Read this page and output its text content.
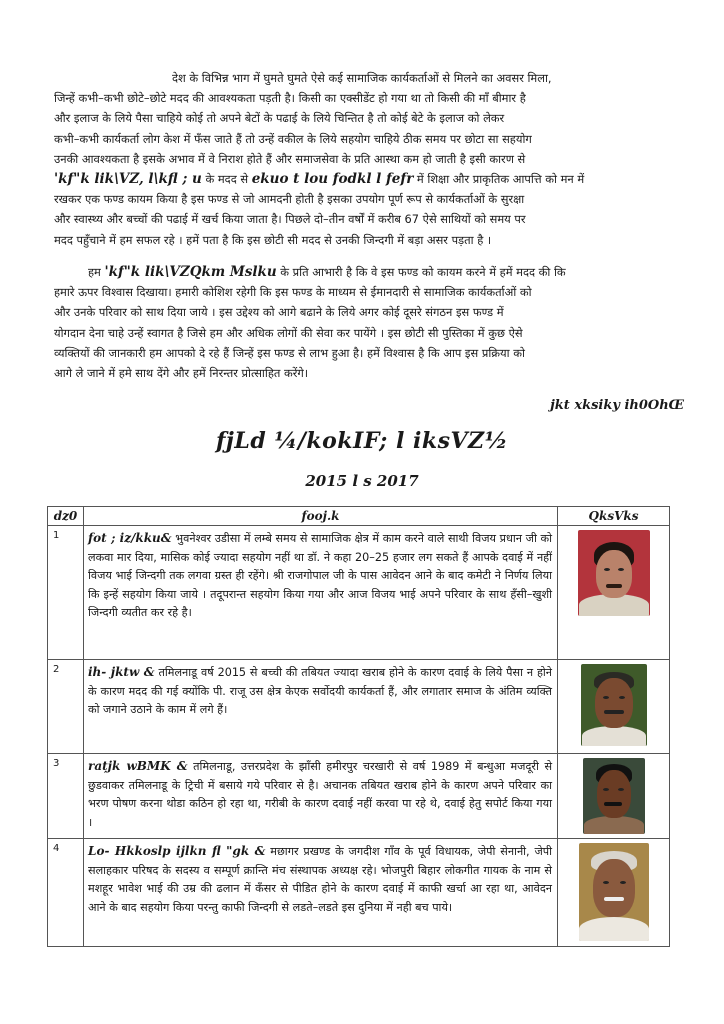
देश के विभिन्न भाग में घुमते घुमते ऐसे कई सामाजिक कार्यकर्ताओं से मिलने का अवसर मिला,
जिन्हें कभी–कभी छोटे–छोटे मदद की आवश्यकता पड़ती है। किसी का एक्सीडेंट हो गया था तो किसी की माँ बीमार है
और इलाज के लिये पैसा चाहिये कोई तो अपने बेटों के पढाई के लिये चिन्तित है तो कोई बेटे के इलाज को लेकर
कभी–कभी कार्यकर्ता लोग केश में फँस जाते हैं तो उन्हें वकील के लिये सहयोग चाहिये ठीक समय पर छोटा सा सहयोग
उनकी आवश्यकता है इसके अभाव में वे निराश होते हैं और समाजसेवा के प्रति आस्था कम हो जाती है इसी कारण से
'kf"k lik\VZ, l\kfl ; u के मदद से ekuo t lou fodkl l fefr में शिक्षा और प्राकृतिक आपत्ति को मन में
रखकर एक फण्ड कायम किया है इस फण्ड से जो आमदनी होती है इसका उपयोग पूर्ण रूप से कार्यकर्ताओं के सुरक्षा
और स्वास्थ्य और बच्चों की पढाई में खर्च किया जाता है। पिछले दो–तीन वर्षों में करीब 67 ऐसे साथियों को समय पर
मदद पहुँचाने में हम सफल रहे । हमें पता है कि इस छोटी सी मदद से उनकी जिन्दगी में बड़ा असर पड़ता है ।
हम 'kf"k lik\VZQkm Mslku के प्रति आभारी है कि वे इस फण्ड को कायम करने में हमें मदद की कि
हमारे ऊपर विश्वास दिखाया। हमारी कोशिश रहेगी कि इस फण्ड के माध्यम से ईमानदारी से सामाजिक कार्यकर्ताओं को
और उनके परिवार को साथ दिया जाये । इस उद्देश्य को आगे बढाने के लिये अगर कोई दूसरे संगठन इस फण्ड में
योगदान देना चाहे उन्हें स्वागत है जिसे हम और अधिक लोगों की सेवा कर पायेंगे । इस छोटी सी पुस्तिका में कुछ ऐसे
व्यक्तियों की जानकारी हम आपको दे रहे हैं जिन्हें इस फण्ड से लाभ हुआ है। हमें विश्वास है कि आप इस प्रक्रिया को
आगे ले जाने में हमे साथ देंगे और हमें निरन्तर प्रोत्साहित करेंगे।
jkt xksiky ih0OhŒ
fjLd ¼/kokIF; l iksVZ½
2015 l s 2017
dz0	fooj.k	QksVks
1	fot ; iz/kku& भुवनेश्वर उडीसा में लम्बे समय से सामाजिक क्षेत्र में काम करने वाले साथी विजय प्रधान जी को लकवा मार दिया, मासिक कोई ज्यादा सहयोग नहीं था डॉ. ने कहा 20–25 हजार लग सकते हैं आपके दवाई में नहीं विजय भाई जिन्दगी तक लगवा ग्रस्त ही रहेंगे। श्री राजगोपाल जी के पास आवेदन आने के बाद कमेटी ने निर्णय लिया कि इन्हें सहयोग किया जाये । तदूपरान्त सहयोग किया गया और आज विजय भाई अपने परिवार के साथ हँसी–खुशी जिन्दगी व्यतीत कर रहे है।	

2	ih- jktw & तमिलनाडू वर्ष 2015 से बच्ची की तबियत ज्यादा खराब होने के कारण दवाई के लिये पैसा न होने के कारण मदद की गई क्योंकि पी. राजू उस क्षेत्र केएक सर्वोदयी कार्यकर्ता हैं, और लगातार समाज के अंतिम व्यक्ति को जगाने उठाने के काम में लगे हैं।	

3	rațjk wBMK & तमिलनाडू, उत्तरप्रदेश के झाँसी हमीरपुर चरखारी से वर्ष 1989 में बन्धुआ मजदूरी से छुडवाकर तमिलनाडू के ट्रिची में बसाये गये परिवार से है। अचानक तबियत खराब होने के कारण अपने परिवार का भरण पोषण करना थोडा कठिन हो रहा था, गरीबी के कारण दवाई नहीं करवा पा रहे थे, दवाई हेतु सपोर्ट किया गया ।	

4	Lo- Hkkoslp ijlkn fl "gk & मछागर प्रखण्ड के जगदीश गॉंव के पूर्व विधायक, जेपी सेनानी, जेपी सलाहकार परिषद के सदस्य व सम्पूर्ण क्रान्ति मंच संस्थापक अध्यक्ष रहे। भोजपुरी बिहार लोकगीत गायक के नाम से मशहूर भावेश भाई की उम्र की ढलान में कॅंसर से पीडित होने के कारण दवाई में काफी खर्चा आ रहा था, आवेदन आने के बाद सहयोग किया परन्तु काफी जिन्दगी से लडते–लडते इस दुनिया में नही बच पाये।	
